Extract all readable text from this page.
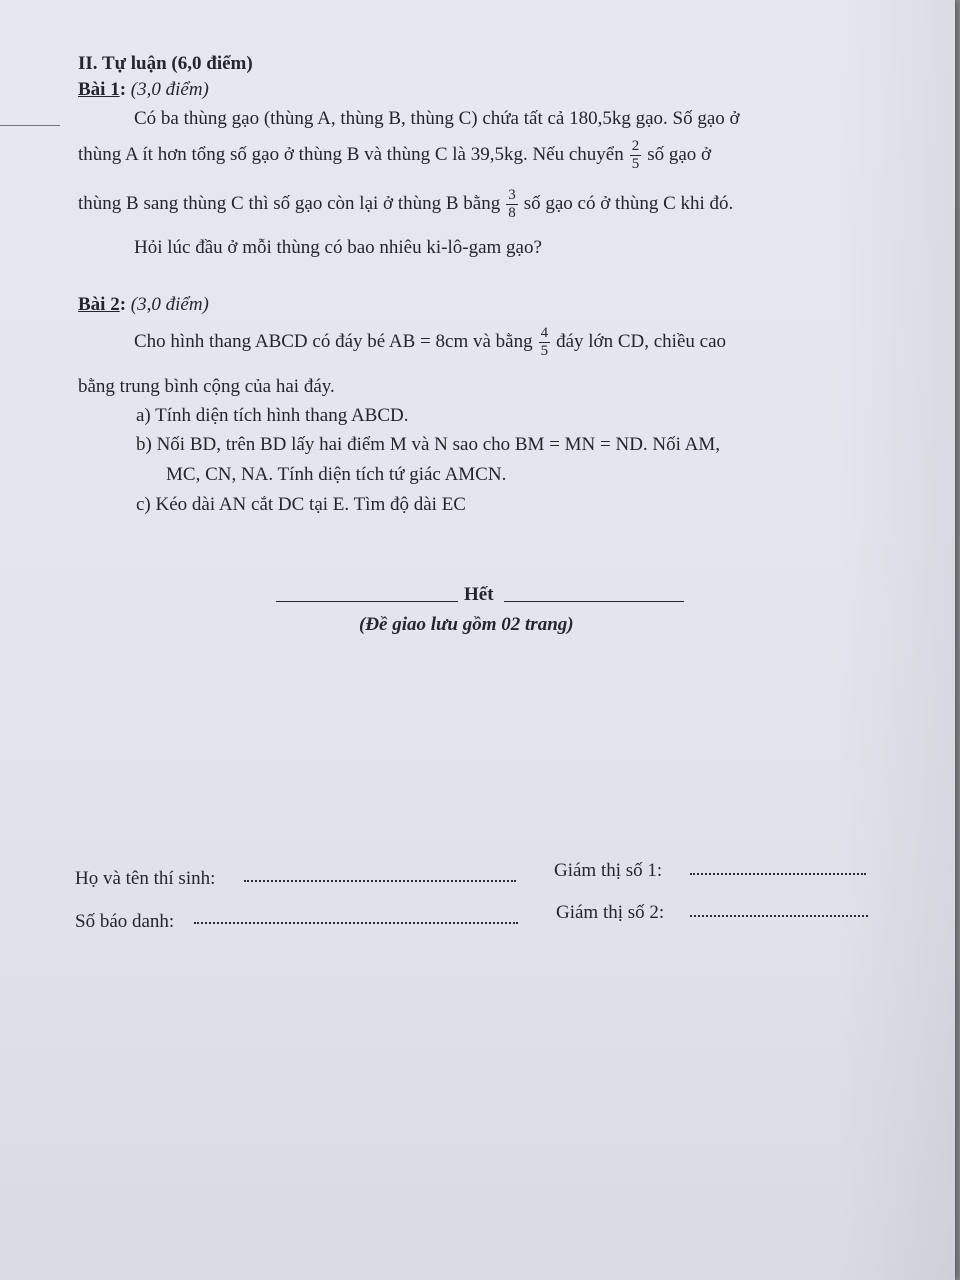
II. Tự luận (6,0 điểm)
Bài 1: (3,0 điểm)
Có ba thùng gạo (thùng A, thùng B, thùng C) chứa tất cả 180,5kg gạo. Số gạo ở
thùng A ít hơn tổng số gạo ở thùng B và thùng C là 39,5kg. Nếu chuyển $\frac{2}{5}$ số gạo ở
thùng B sang thùng C thì số gạo còn lại ở thùng B bằng $\frac{3}{8}$ số gạo có ở thùng C khi đó.
Hỏi lúc đầu ở mỗi thùng có bao nhiêu ki-lô-gam gạo?
Bài 2: (3,0 điểm)
Cho hình thang ABCD có đáy bé AB = 8cm và bằng $\frac{4}{5}$ đáy lớn CD, chiều cao
bằng trung bình cộng của hai đáy.
a) Tính diện tích hình thang ABCD.
b) Nối BD, trên BD lấy hai điểm M và N sao cho BM = MN = ND. Nối AM,
MC, CN, NA. Tính diện tích tứ giác AMCN.
c) Kéo dài AN cắt DC tại E. Tìm độ dài EC
Hết
(Đề giao lưu gồm 02 trang)
Họ và tên thí sinh:	Giám thị số 1:
Số báo danh:	Giám thị số 2:
